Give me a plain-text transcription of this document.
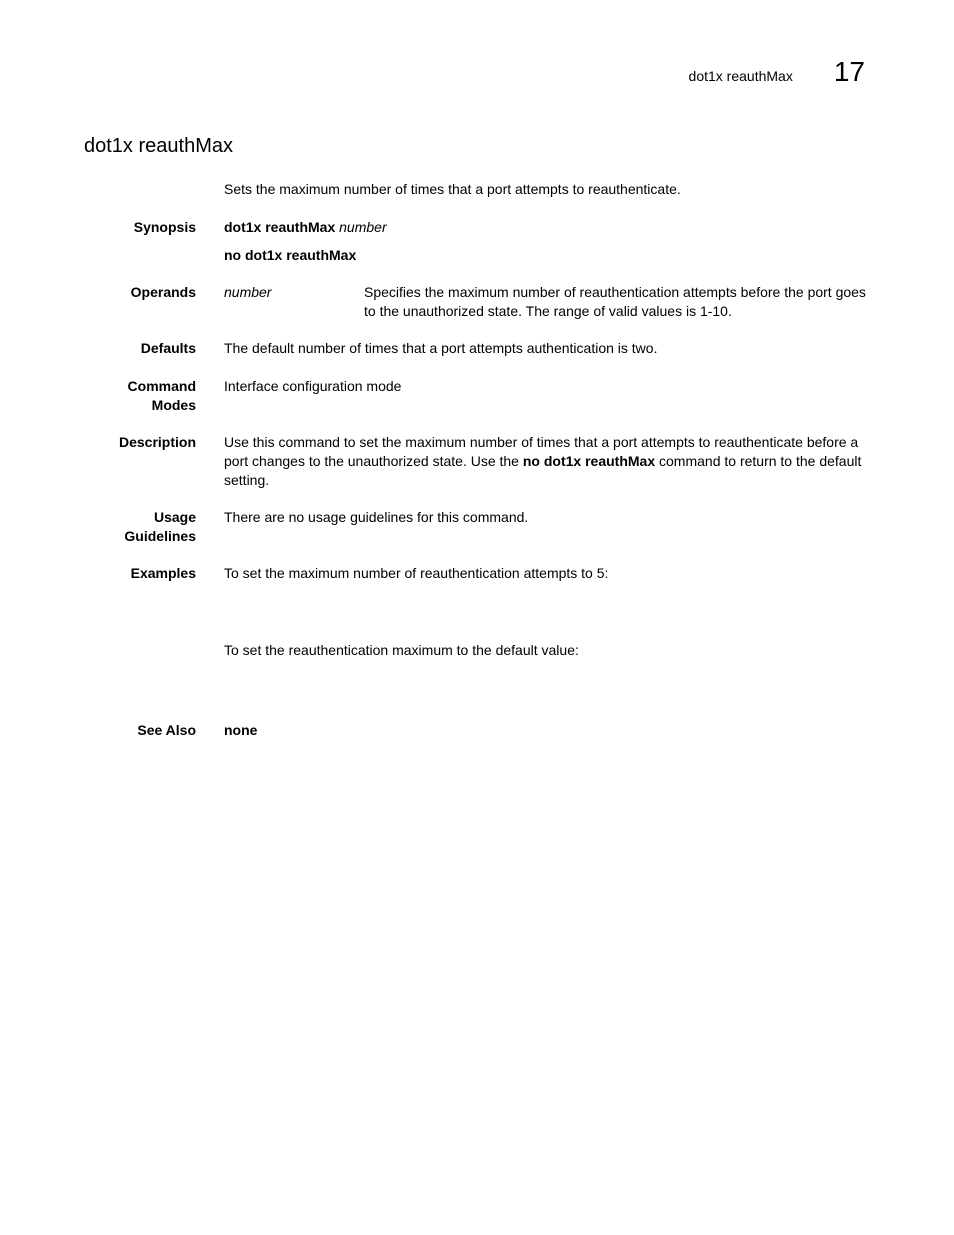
dot1x reauthMax 17
dot1x reauthMax
Sets the maximum number of times that a port attempts to reauthenticate.
Synopsis dot1x reauthMax number
no dot1x reauthMax
Operands number	Specifies the maximum number of reauthentication attempts before the port goes to the unauthorized state. The range of valid values is 1-10.
Defaults The default number of times that a port attempts authentication is two.
Command
Modes
Interface configuration mode
Description Use this command to set the maximum number of times that a port attempts to reauthenticate before a port changes to the unauthorized state. Use the no dot1x reauthMax command to return to the default setting.
Usage
Guidelines
There are no usage guidelines for this command.
Examples To set the maximum number of reauthentication attempts to 5:
To set the reauthentication maximum to the default value:
See Also none
